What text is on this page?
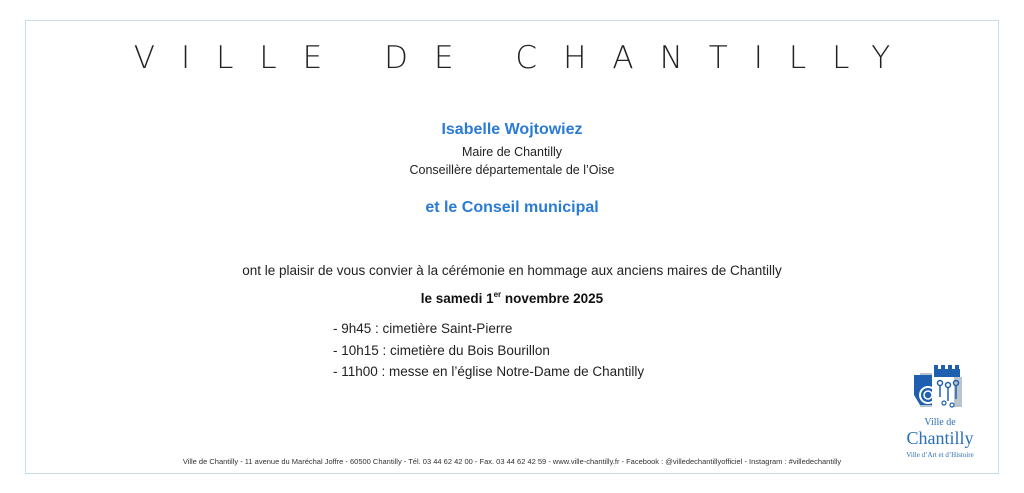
VILLE DE CHANTILLY
Isabelle Wojtowiez
Maire de Chantilly
Conseillère départementale de l’Oise
et le Conseil municipal
ont le plaisir de vous convier à la cérémonie en hommage aux anciens maires de Chantilly
le samedi 1er novembre 2025
- 9h45 : cimetière Saint-Pierre
- 10h15 : cimetière du Bois Bourillon
- 11h00 : messe en l’église Notre-Dame de Chantilly
Ville de Chantilly - 11 avenue du Maréchal Joffre - 60500 Chantilly - Tél. 03 44 62 42 00 - Fax. 03 44 62 42 59 - www.ville-chantilly.fr - Facebook : @villedechantillyofficiel - Instagram : #villedechantilly
Ville de
Chantilly
Ville d’Art et d’Histoire
